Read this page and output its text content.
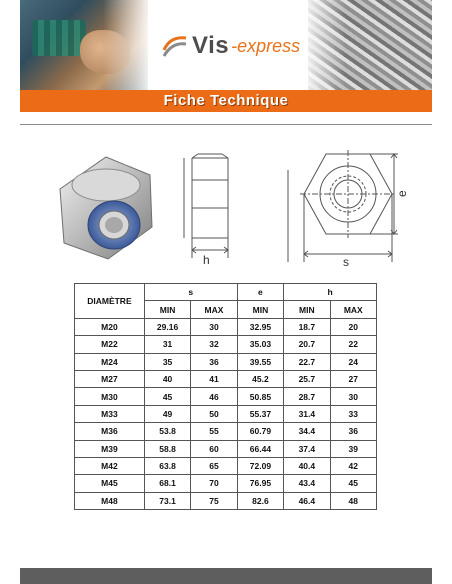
Vis -express
Fiche Technique
h	s
e
DIAMÈTRE	s		e	h	
	MIN	MAX	MIN	MIN	MAX
M20	29.16	30	32.95	18.7	20
M22	31	32	35.03	20.7	22
M24	35	36	39.55	22.7	24
M27	40	41	45.2	25.7	27
M30	45	46	50.85	28.7	30
M33	49	50	55.37	31.4	33
M36	53.8	55	60.79	34.4	36
M39	58.8	60	66.44	37.4	39
M42	63.8	65	72.09	40.4	42
M45	68.1	70	76.95	43.4	45
M48	73.1	75	82.6	46.4	48
